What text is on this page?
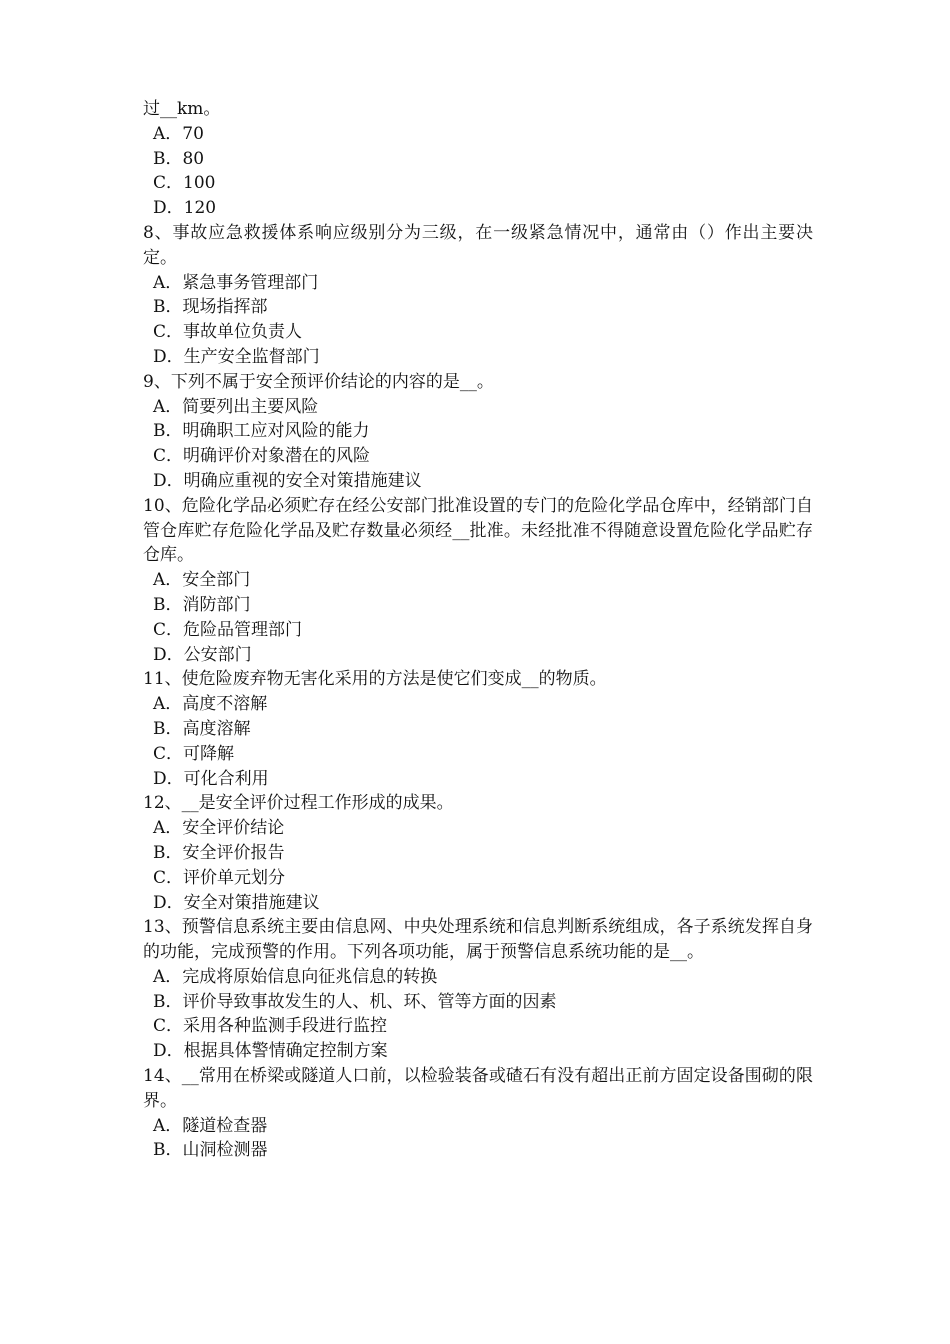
过__km。
A．70
B．80
C．100
D．120
8、事故应急救援体系响应级别分为三级，在一级紧急情况中，通常由（）作出主要决定。
A．紧急事务管理部门
B．现场指挥部
C．事故单位负责人
D．生产安全监督部门
9、下列不属于安全预评价结论的内容的是__。
A．简要列出主要风险
B．明确职工应对风险的能力
C．明确评价对象潜在的风险
D．明确应重视的安全对策措施建议
10、危险化学品必须贮存在经公安部门批准设置的专门的危险化学品仓库中，经销部门自管仓库贮存危险化学品及贮存数量必须经__批准。未经批准不得随意设置危险化学品贮存仓库。
A．安全部门
B．消防部门
C．危险品管理部门
D．公安部门
11、使危险废弃物无害化采用的方法是使它们变成__的物质。
A．高度不溶解
B．高度溶解
C．可降解
D．可化合利用
12、__是安全评价过程工作形成的成果。
A．安全评价结论
B．安全评价报告
C．评价单元划分
D．安全对策措施建议
13、预警信息系统主要由信息网、中央处理系统和信息判断系统组成，各子系统发挥自身的功能，完成预警的作用。下列各项功能，属于预警信息系统功能的是__。
A．完成将原始信息向征兆信息的转换
B．评价导致事故发生的人、机、环、管等方面的因素
C．采用各种监测手段进行监控
D．根据具体警情确定控制方案
14、__常用在桥梁或隧道人口前，以检验装备或碴石有没有超出正前方固定设备围砌的限界。
A．隧道检查器
B．山洞检测器
